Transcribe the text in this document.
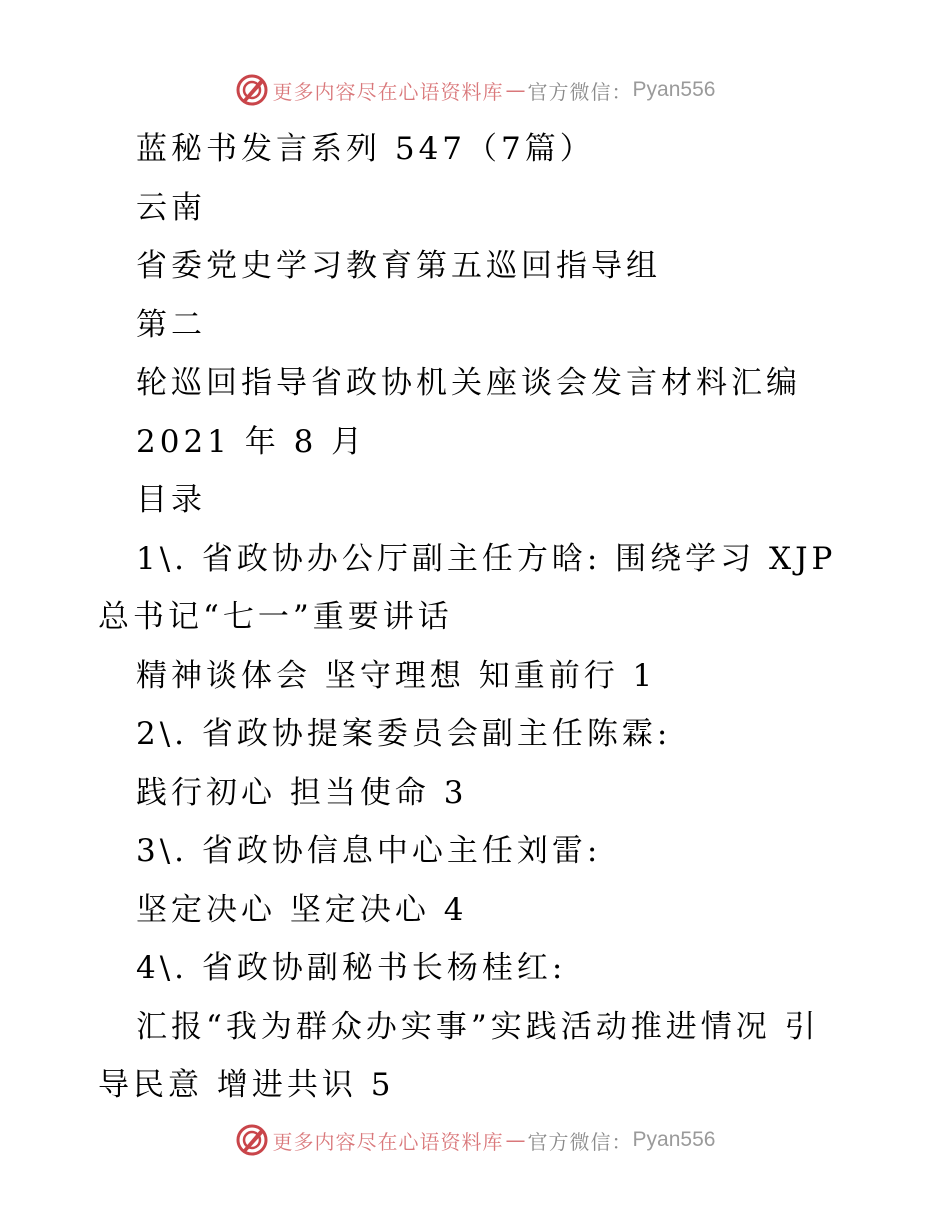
更多内容尽在心语资料库 — 官方微信： Pyan556
蓝秘书发言系列 547（7篇）
云南
省委党史学习教育第五巡回指导组
第二
轮巡回指导省政协机关座谈会发言材料汇编
2021 年 8 月
目录
1\. 省政协办公厅副主任方晗: 围绕学习 XJP
总书记“七一”重要讲话
精神谈体会 坚守理想 知重前行 1
2\. 省政协提案委员会副主任陈霖:
践行初心 担当使命 3
3\. 省政协信息中心主任刘雷:
坚定决心 坚定决心 4
4\. 省政协副秘书长杨桂红:
汇报“我为群众办实事”实践活动推进情况 引
导民意 增进共识 5
更多内容尽在心语资料库 — 官方微信： Pyan556
